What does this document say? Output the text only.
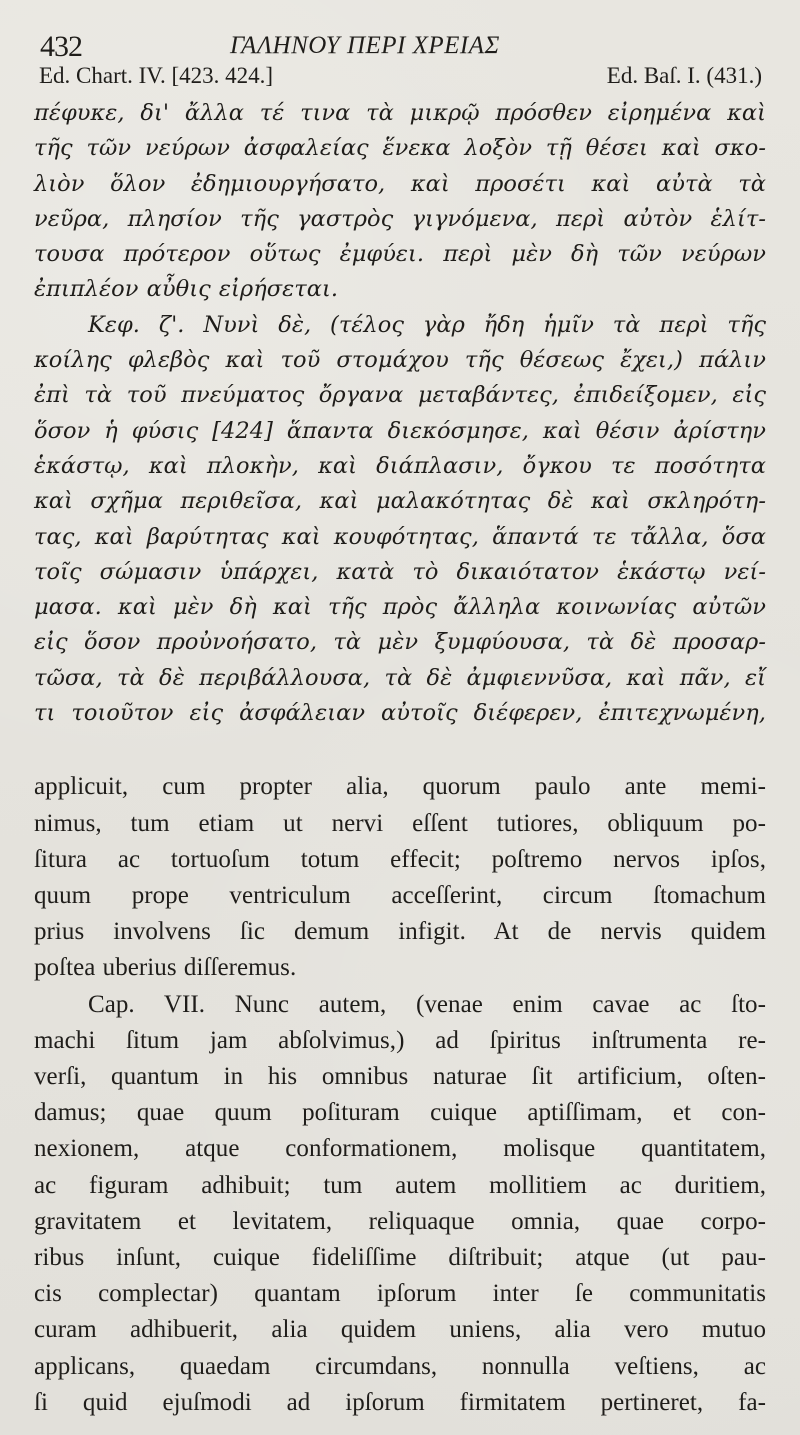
432	ΓΑΛΗΝΟΥ ΠΕΡΙ ΧΡΕΙΑΣ
Ed. Chart. IV. [423. 424.]	Ed. Baſ. I. (431.)
πέφυκε, δι' ἄλλα τέ τινα τὰ μικρῷ πρόσθεν εἰρημένα καὶ
τῆς τῶν νεύρων ἀσφαλείας ἕνεκα λοξὸν τῇ θέσει καὶ σκο-
λιὸν ὅλον ἐδημιουργήσατο, καὶ προσέτι καὶ αὐτὰ τὰ
νεῦρα, πλησίον τῆς γαστρὸς γιγνόμενα, περὶ αὐτὸν ἑλίτ-
τουσα πρότερον οὕτως ἐμφύει. περὶ μὲν δὴ τῶν νεύρων
ἐπιπλέον αὖθις εἰρήσεται.
Κεφ. ζ'. Νυνὶ δὲ, (τέλος γὰρ ἤδη ἡμῖν τὰ περὶ τῆς
κοίλης φλεβὸς καὶ τοῦ στομάχου τῆς θέσεως ἔχει,) πάλιν
ἐπὶ τὰ τοῦ πνεύματος ὄργανα μεταβάντες, ἐπιδείξομεν, εἰς
ὅσον ἡ φύσις [424] ἅπαντα διεκόσμησε, καὶ θέσιν ἀρίστην
ἑκάστῳ, καὶ πλοκὴν, καὶ διάπλασιν, ὄγκου τε ποσότητα
καὶ σχῆμα περιθεῖσα, καὶ μαλακότητας δὲ καὶ σκληρότη-
τας, καὶ βαρύτητας καὶ κουφότητας, ἅπαντά τε τἄλλα, ὅσα
τοῖς σώμασιν ὑπάρχει, κατὰ τὸ δικαιότατον ἑκάστῳ νεί-
μασα. καὶ μὲν δὴ καὶ τῆς πρὸς ἄλληλα κοινωνίας αὐτῶν
εἰς ὅσον προὐνοήσατο, τὰ μὲν ξυμφύουσα, τὰ δὲ προσαρ-
τῶσα, τὰ δὲ περιβάλλουσα, τὰ δὲ ἀμφιεννῦσα, καὶ πᾶν, εἴ
τι τοιοῦτον εἰς ἀσφάλειαν αὐτοῖς διέφερεν, ἐπιτεχνωμένη,
applicuit, cum propter alia, quorum paulo ante memi-
nimus, tum etiam ut nervi eſſent tutiores, obliquum po-
ſitura ac tortuoſum totum effecit; poſtremo nervos ipſos,
quum prope ventriculum acceſſerint, circum ſtomachum
prius involvens ſic demum infigit. At de nervis quidem
poſtea uberius diſſeremus.
Cap. VII. Nunc autem, (venae enim cavae ac ſto-
machi ſitum jam abſolvimus,) ad ſpiritus inſtrumenta re-
verſi, quantum in his omnibus naturae ſit artificium, oſten-
damus; quae quum poſituram cuique aptiſſimam, et con-
nexionem, atque conformationem, molisque quantitatem,
ac figuram adhibuit; tum autem mollitiem ac duritiem,
gravitatem et levitatem, reliquaque omnia, quae corpo-
ribus inſunt, cuique fideliſſime diſtribuit; atque (ut pau-
cis complectar) quantam ipſorum inter ſe communitatis
curam adhibuerit, alia quidem uniens, alia vero mutuo
applicans, quaedam circumdans, nonnulla veſtiens, ac
ſi quid ejuſmodi ad ipſorum firmitatem pertineret, fa-
